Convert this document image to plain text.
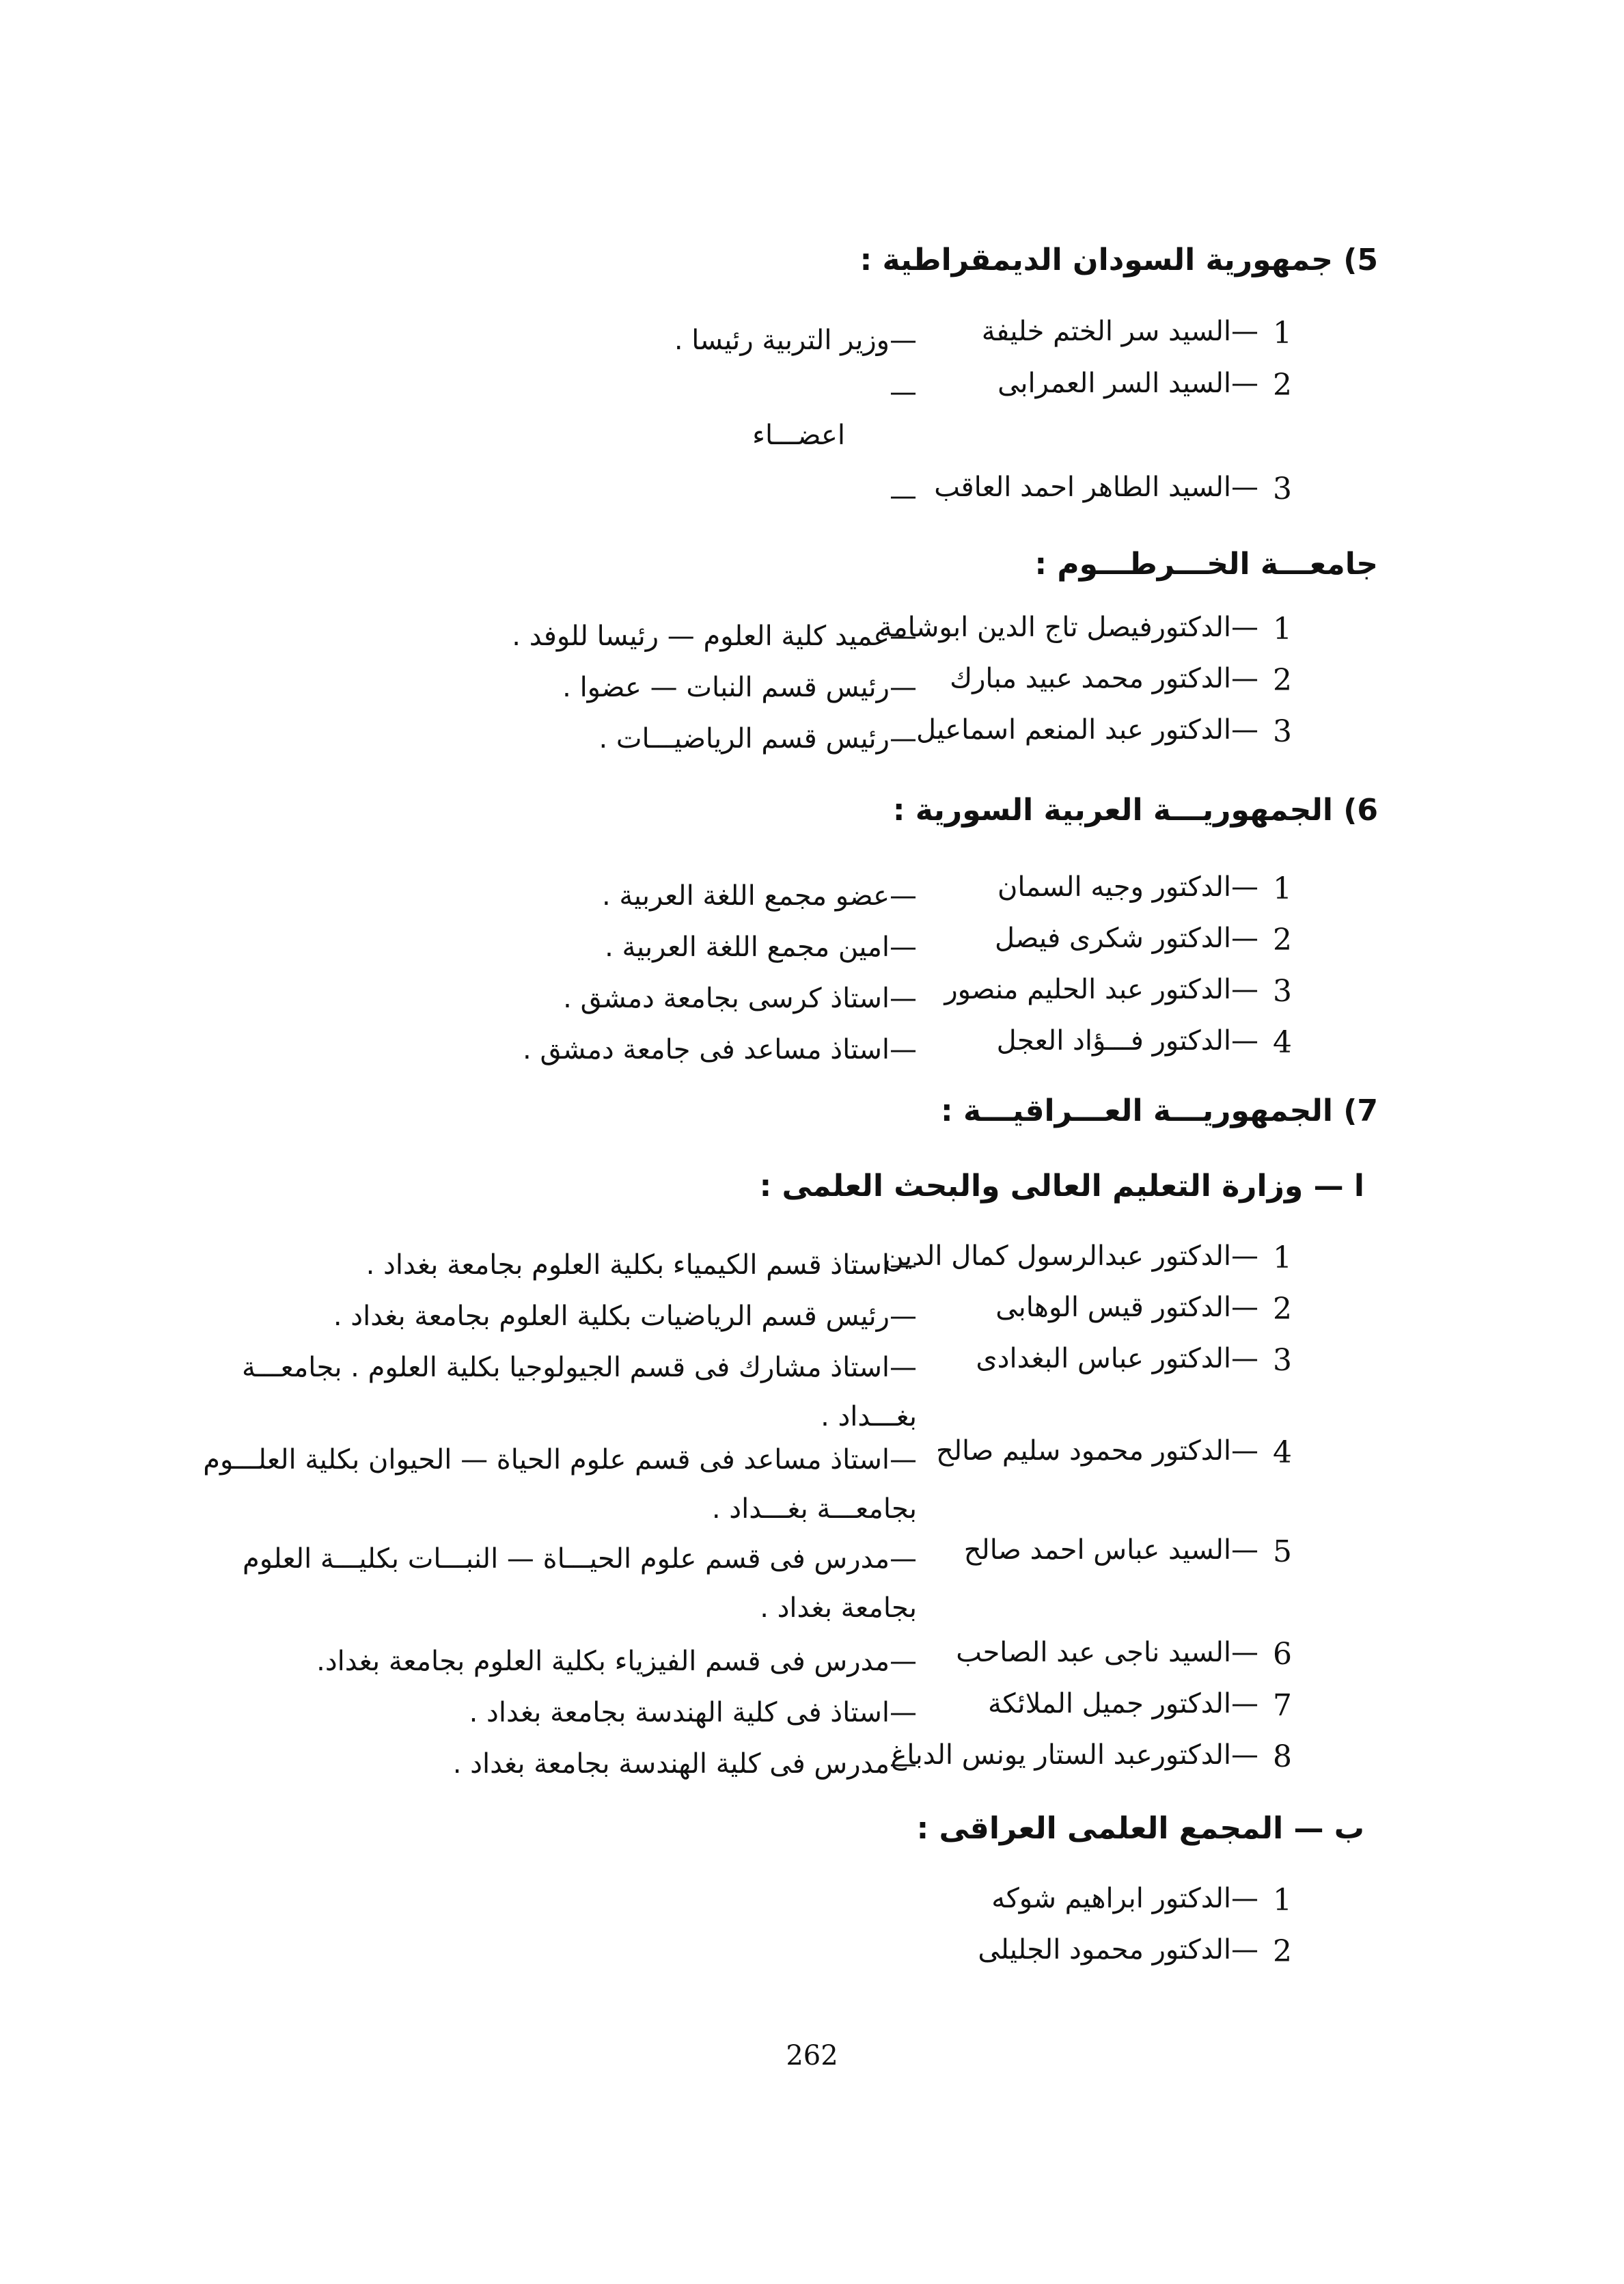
5) جمهورية السودان الديمقراطية :
1
— السيد سر الختم خليفة
— وزير التربية رئيسا .
2
— السيد السر العمرابى
—
اعضـــاء
3
— السيد الطاهر احمد العاقب
—
جامعـــة الخـــرطـــوم :
1
— الدكتورفيصل تاج الدين ابوشامة
— عميد كلية العلوم — رئيسا للوفد .
2
— الدكتور محمد عبيد مبارك
— رئيس قسم النبات — عضوا .
3
— الدكتور عبد المنعم اسماعيل
— رئيس قسم الرياضيـــات .
6) الجمهوريـــة العربية السورية :
1
— الدكتور وجيه السمان
— عضو مجمع اللغة العربية .
2
— الدكتور شكرى فيصل
— امين مجمع اللغة العربية .
3
— الدكتور عبد الحليم منصور
— استاذ كرسى بجامعة دمشق .
4
— الدكتور فـــؤاد العجل
— استاذ مساعد فى جامعة دمشق .
7) الجمهوريـــة العـــراقيـــة :
ا — وزارة التعليم العالى والبحث العلمى :
1
— الدكتور عبدالرسول كمال الدين
— استاذ قسم الكيمياء بكلية العلوم بجامعة بغداد .
2
— الدكتور قيس الوهابى
— رئيس قسم الرياضيات بكلية العلوم بجامعة بغداد .
3
— الدكتور عباس البغدادى
— استاذ مشارك فى قسم الجيولوجيا بكلية العلوم . بجامعـــة بغـــداد .
4
— الدكتور محمود سليم صالح
— استاذ مساعد فى قسم علوم الحياة — الحيوان بكلية العلـــوم بجامعـــة بغـــداد .
5
— السيد عباس احمد صالح
— مدرس فى قسم علوم الحيـــاة — النبـــات بكليـــة العلوم بجامعة بغداد .
6
— السيد ناجى عبد الصاحب
— مدرس فى قسم الفيزياء بكلية العلوم بجامعة بغداد.
7
— الدكتور جميل الملائكة
— استاذ فى كلية الهندسة بجامعة بغداد .
8
— الدكتورعبد الستار يونس الدباغ
— مدرس فى كلية الهندسة بجامعة بغداد .
ب — المجمع العلمى العراقى :
1
— الدكتور ابراهيم شوكه
2
— الدكتور محمود الجليلى
262
